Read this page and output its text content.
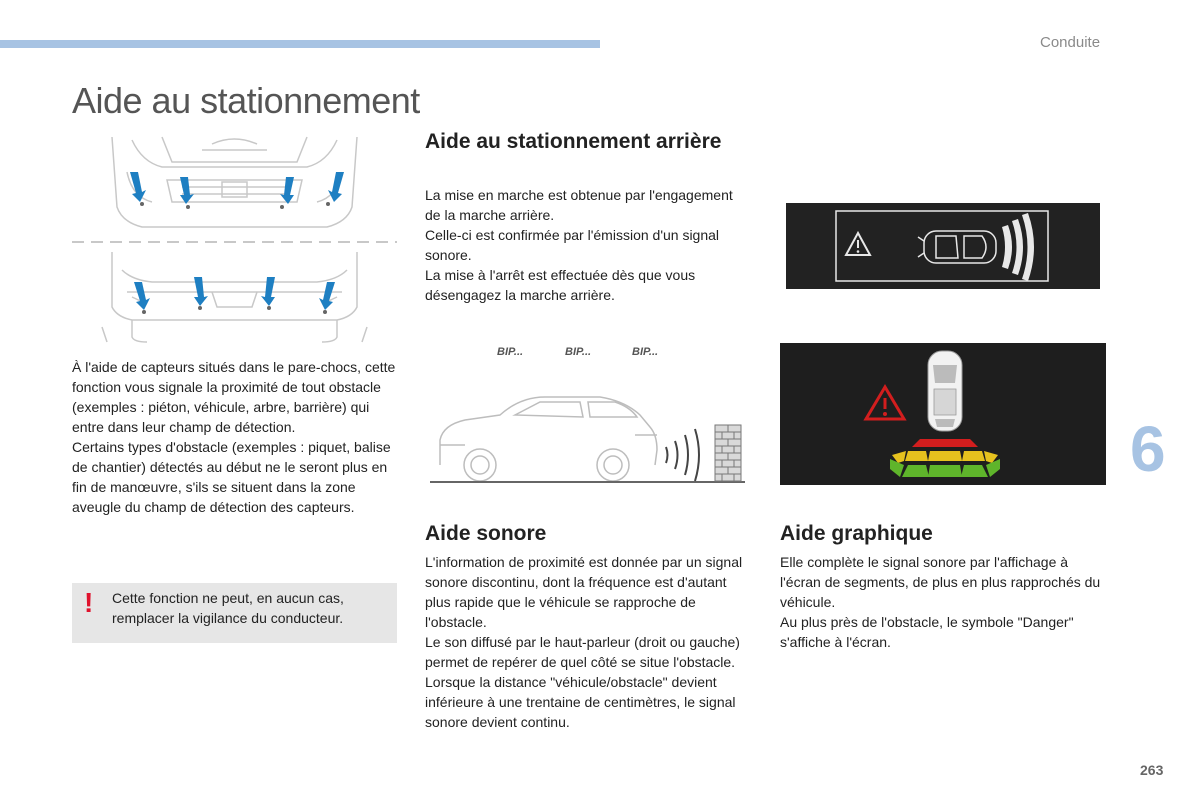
Conduite
Aide au stationnement

À l'aide de capteurs situés dans le pare-chocs, cette fonction vous signale la proximité de tout obstacle (exemples : piéton, véhicule, arbre, barrière) qui entre dans leur champ de détection.

Certains types d'obstacle (exemples : piquet, balise de chantier) détectés au début ne le seront plus en fin de manœuvre, s'ils se situent dans la zone aveugle du champ de détection des capteurs.

! Cette fonction ne peut, en aucun cas, remplacer la vigilance du conducteur.
Aide au stationnement arrière

La mise en marche est obtenue par l'engagement de la marche arrière.

Celle-ci est confirmée par l'émission d'un signal sonore.

La mise à l'arrêt est effectuée dès que vous désengagez la marche arrière.

BIP...	BIP...	BIP...
Aide sonore

L'information de proximité est donnée par un signal sonore discontinu, dont la fréquence est d'autant plus rapide que le véhicule se rapproche de l'obstacle.

Le son diffusé par le haut-parleur (droit ou gauche) permet de repérer de quel côté se situe l'obstacle.

Lorsque la distance "véhicule/obstacle" devient inférieure à une trentaine de centimètres, le signal sonore devient continu.

Aide graphique

Elle complète le signal sonore par l'affichage à l'écran de segments, de plus en plus rapprochés du véhicule.

Au plus près de l'obstacle, le symbole "Danger" s'affiche à l'écran.

6
263
